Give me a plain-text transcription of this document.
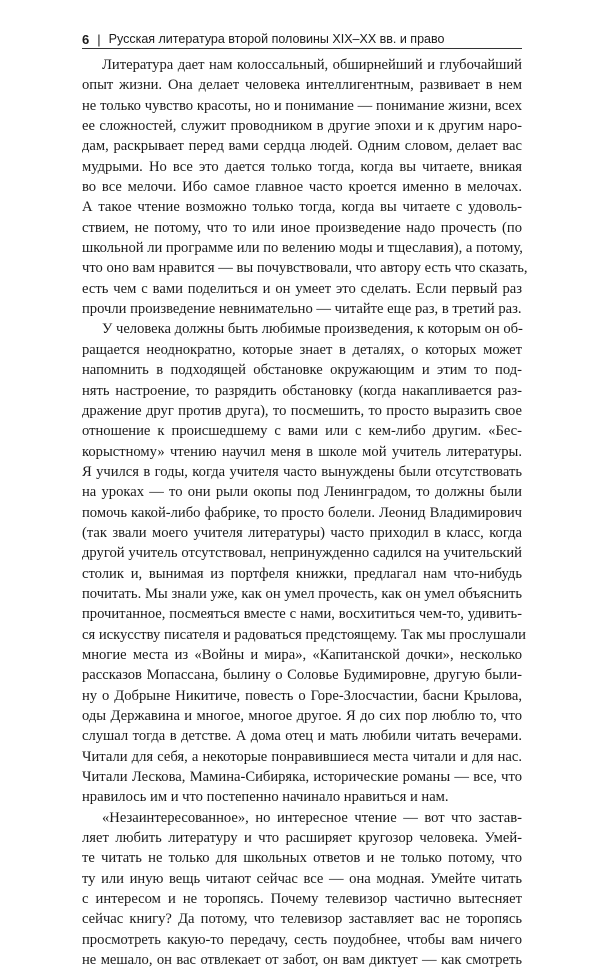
6 | Русская литература второй половины XIX–XX вв. и право

Литература дает нам колоссальный, обширнейший и глубочайший
опыт жизни. Она делает человека интеллигентным, развивает в нем
не только чувство красоты, но и понимание — понимание жизни, всех
ее сложностей, служит проводником в другие эпохи и к другим наро-
дам, раскрывает перед вами сердца людей. Одним словом, делает вас
мудрыми. Но все это дается только тогда, когда вы читаете, вникая
во все мелочи. Ибо самое главное часто кроется именно в мелочах.
А такое чтение возможно только тогда, когда вы читаете с удоволь-
ствием, не потому, что то или иное произведение надо прочесть (по
школьной ли программе или по велению моды и тщеславия), а потому,
что оно вам нравится — вы почувствовали, что автору есть что сказать,
есть чем с вами поделиться и он умеет это сделать. Если первый раз
прочли произведение невнимательно — читайте еще раз, в третий раз.

У человека должны быть любимые произведения, к которым он об-
ращается неоднократно, которые знает в деталях, о которых может
напомнить в подходящей обстановке окружающим и этим то под-
нять настроение, то разрядить обстановку (когда накапливается раз-
дражение друг против друга), то посмешить, то просто выразить свое
отношение к происшедшему с вами или с кем-либо другим. «Бес-
корыстному» чтению научил меня в школе мой учитель литературы.
Я учился в годы, когда учителя часто вынуждены были отсутствовать
на уроках — то они рыли окопы под Ленинградом, то должны были
помочь какой-либо фабрике, то просто болели. Леонид Владимирович
(так звали моего учителя литературы) часто приходил в класс, когда
другой учитель отсутствовал, непринужденно садился на учительский
столик и, вынимая из портфеля книжки, предлагал нам что-нибудь
почитать. Мы знали уже, как он умел прочесть, как он умел объяснить
прочитанное, посмеяться вместе с нами, восхититься чем-то, удивить-
ся искусству писателя и радоваться предстоящему. Так мы прослушали
многие места из «Войны и мира», «Капитанской дочки», несколько
рассказов Мопассана, былину о Соловье Будимировне, другую были-
ну о Добрыне Никитиче, повесть о Горе-Злосчастии, басни Крылова,
оды Державина и многое, многое другое. Я до сих пор люблю то, что
слушал тогда в детстве. А дома отец и мать любили читать вечерами.
Читали для себя, а некоторые понравившиеся места читали и для нас.
Читали Лескова, Мамина-Сибиряка, исторические романы — все, что
нравилось им и что постепенно начинало нравиться и нам.

«Незаинтересованное», но интересное чтение — вот что застав-
ляет любить литературу и что расширяет кругозор человека. Умей-
те читать не только для школьных ответов и не только потому, что
ту или иную вещь читают сейчас все — она модная. Умейте читать
с интересом и не торопясь. Почему телевизор частично вытесняет
сейчас книгу? Да потому, что телевизор заставляет вас не торопясь
просмотреть какую-то передачу, сесть поудобнее, чтобы вам ничего
не мешало, он вас отвлекает от забот, он вам диктует — как смотреть
